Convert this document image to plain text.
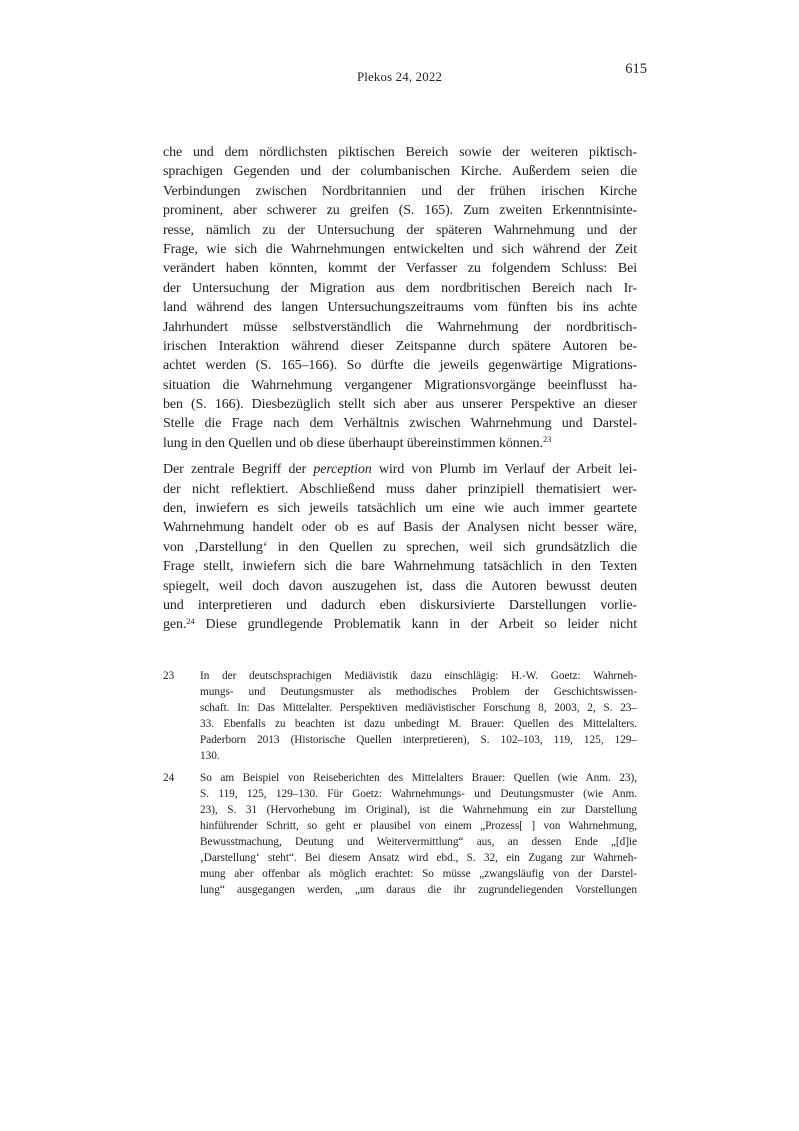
Plekos 24, 2022	615
che und dem nördlichsten piktischen Bereich sowie der weiteren piktisch-
sprachigen Gegenden und der columbanischen Kirche. Außerdem seien die
Verbindungen zwischen Nordbritannien und der frühen irischen Kirche
prominent, aber schwerer zu greifen (S. 165). Zum zweiten Erkenntnisinte-
resse, nämlich zu der Untersuchung der späteren Wahrnehmung und der
Frage, wie sich die Wahrnehmungen entwickelten und sich während der Zeit
verändert haben könnten, kommt der Verfasser zu folgendem Schluss: Bei
der Untersuchung der Migration aus dem nordbritischen Bereich nach Ir-
land während des langen Untersuchungszeitraums vom fünften bis ins achte
Jahrhundert müsse selbstverständlich die Wahrnehmung der nordbritisch-
irischen Interaktion während dieser Zeitspanne durch spätere Autoren be-
achtet werden (S. 165–166). So dürfte die jeweils gegenwärtige Migrations-
situation die Wahrnehmung vergangener Migrationsvorgänge beeinflusst ha-
ben (S. 166). Diesbezüglich stellt sich aber aus unserer Perspektive an dieser
Stelle die Frage nach dem Verhältnis zwischen Wahrnehmung und Darstel-
lung in den Quellen und ob diese überhaupt übereinstimmen können.$^{23}$
Der zentrale Begriff der perception wird von Plumb im Verlauf der Arbeit lei-
der nicht reflektiert. Abschließend muss daher prinzipiell thematisiert wer-
den, inwiefern es sich jeweils tatsächlich um eine wie auch immer geartete
Wahrnehmung handelt oder ob es auf Basis der Analysen nicht besser wäre,
von ‚Darstellung‘ in den Quellen zu sprechen, weil sich grundsätzlich die
Frage stellt, inwiefern sich die bare Wahrnehmung tatsächlich in den Texten
spiegelt, weil doch davon auszugehen ist, dass die Autoren bewusst deuten
und interpretieren und dadurch eben diskursivierte Darstellungen vorlie-
gen.$^{24}$ Diese grundlegende Problematik kann in der Arbeit so leider nicht
23 In der deutschsprachigen Mediävistik dazu einschlägig: H.-W. Goetz: Wahrneh-
mungs- und Deutungsmuster als methodisches Problem der Geschichtswissen-
schaft. In: Das Mittelalter. Perspektiven mediävistischer Forschung 8, 2003, 2, S. 23–
33. Ebenfalls zu beachten ist dazu unbedingt M. Brauer: Quellen des Mittelalters.
Paderborn 2013 (Historische Quellen interpretieren), S. 102–103, 119, 125, 129–
130.
24 So am Beispiel von Reiseberichten des Mittelalters Brauer: Quellen (wie Anm. 23),
S. 119, 125, 129–130. Für Goetz: Wahrnehmungs- und Deutungsmuster (wie Anm.
23), S. 31 (Hervorhebung im Original), ist die Wahrnehmung ein zur Darstellung
hinführender Schritt, so geht er plausibel von einem „Prozess[ ] von Wahrnehmung,
Bewusstmachung, Deutung und Weitervermittlung“ aus, an dessen Ende „[d]ie
‚Darstellung‘ steht“. Bei diesem Ansatz wird ebd., S. 32, ein Zugang zur Wahrneh-
mung aber offenbar als möglich erachtet: So müsse „zwangsläufig von der Darstel-
lung“ ausgegangen werden, „um daraus die ihr zugrundeliegenden Vorstellungen
